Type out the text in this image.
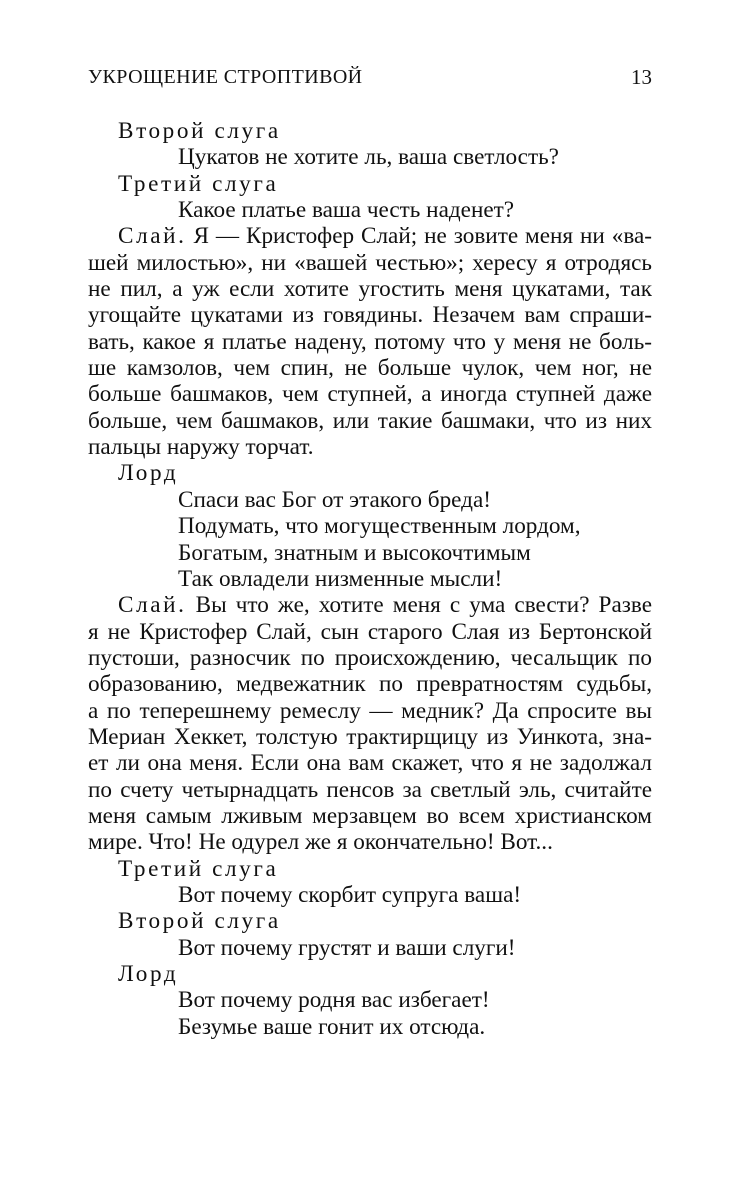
УКРОЩЕНИЕ СТРОПТИВОЙ	13
Второй слуга
Цукатов не хотите ль, ваша светлость?
Третий слуга
Какое платье ваша честь наденет?
Слай. Я — Кристофер Слай; не зовите меня ни «ва-
шей милостью», ни «вашей честью»; хересу я отродясь
не пил, а уж если хотите угостить меня цукатами, так
угощайте цукатами из говядины. Незачем вам спраши-
вать, какое я платье надену, потому что у меня не боль-
ше камзолов, чем спин, не больше чулок, чем ног, не
больше башмаков, чем ступней, а иногда ступней даже
больше, чем башмаков, или такие башмаки, что из них
пальцы наружу торчат.
Лорд
Спаси вас Бог от этакого бреда!
Подумать, что могущественным лордом,
Богатым, знатным и высокочтимым
Так овладели низменные мысли!
Слай. Вы что же, хотите меня с ума свести? Разве
я не Кристофер Слай, сын старого Слая из Бертонской
пустоши, разносчик по происхождению, чесальщик по
образованию, медвежатник по превратностям судьбы,
а по теперешнему ремеслу — медник? Да спросите вы
Мериан Хеккет, толстую трактирщицу из Уинкота, зна-
ет ли она меня. Если она вам скажет, что я не задолжал
по счету четырнадцать пенсов за светлый эль, считайте
меня самым лживым мерзавцем во всем христианском
мире. Что! Не одурел же я окончательно! Вот...
Третий слуга
Вот почему скорбит супруга ваша!
Второй слуга
Вот почему грустят и ваши слуги!
Лорд
Вот почему родня вас избегает!
Безумье ваше гонит их отсюда.
